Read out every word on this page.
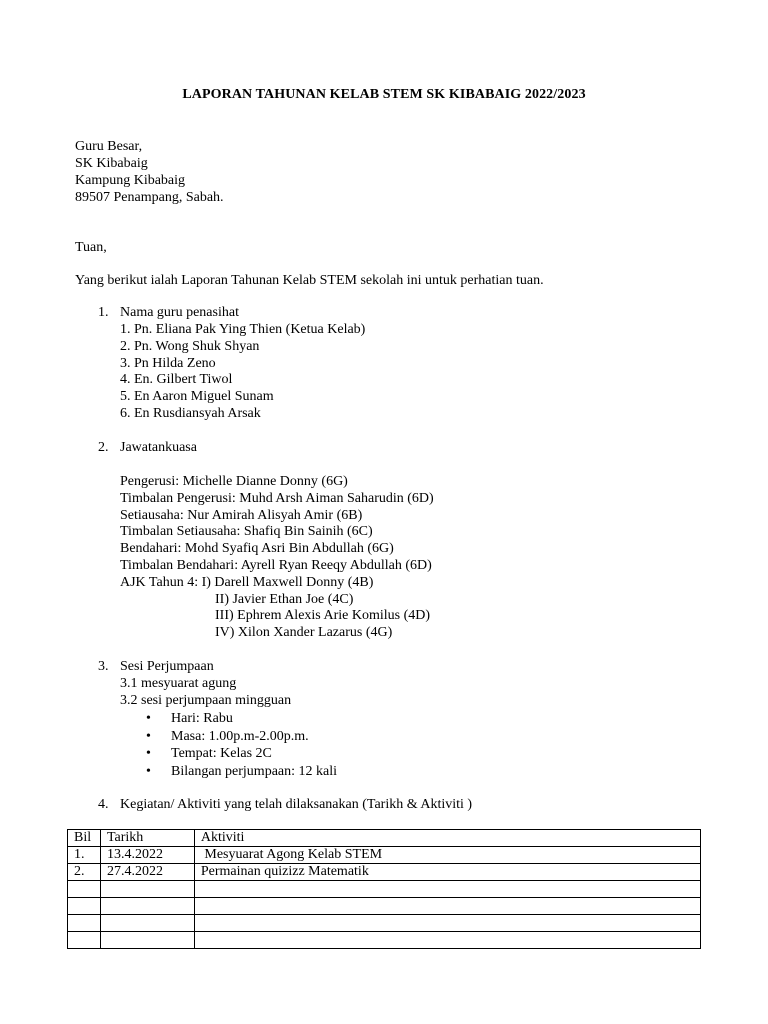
LAPORAN TAHUNAN KELAB STEM SK KIBABAIG 2022/2023
Guru Besar,
SK Kibabaig
Kampung Kibabaig
89507 Penampang, Sabah.
Tuan,
Yang berikut ialah Laporan Tahunan Kelab STEM sekolah ini untuk perhatian tuan.
1. Nama guru penasihat
1. Pn. Eliana Pak Ying Thien (Ketua Kelab)
2. Pn. Wong Shuk Shyan
3. Pn Hilda Zeno
4. En. Gilbert Tiwol
5. En Aaron Miguel Sunam
6. En Rusdiansyah Arsak
2. Jawatankuasa
Pengerusi: Michelle Dianne Donny (6G)
Timbalan Pengerusi: Muhd Arsh Aiman Saharudin (6D)
Setiausaha: Nur Amirah Alisyah Amir (6B)
Timbalan Setiausaha: Shafiq Bin Sainih (6C)
Bendahari: Mohd Syafiq Asri Bin Abdullah (6G)
Timbalan Bendahari: Ayrell Ryan Reeqy Abdullah (6D)
AJK Tahun 4: I) Darell Maxwell Donny (4B)
II) Javier Ethan Joe (4C)
III) Ephrem Alexis Arie Komilus (4D)
IV) Xilon Xander Lazarus (4G)
3. Sesi Perjumpaan
3.1 mesyuarat agung
3.2 sesi perjumpaan mingguan
• Hari: Rabu
• Masa: 1.00p.m-2.00p.m.
• Tempat: Kelas 2C
• Bilangan perjumpaan: 12 kali
4. Kegiatan/ Aktiviti yang telah dilaksanakan (Tarikh & Aktiviti )
Bil	Tarikh	Aktiviti
1.	13.4.2022	Mesyuarat Agong Kelab STEM
2.	27.4.2022	Permainan quizizz Matematik
